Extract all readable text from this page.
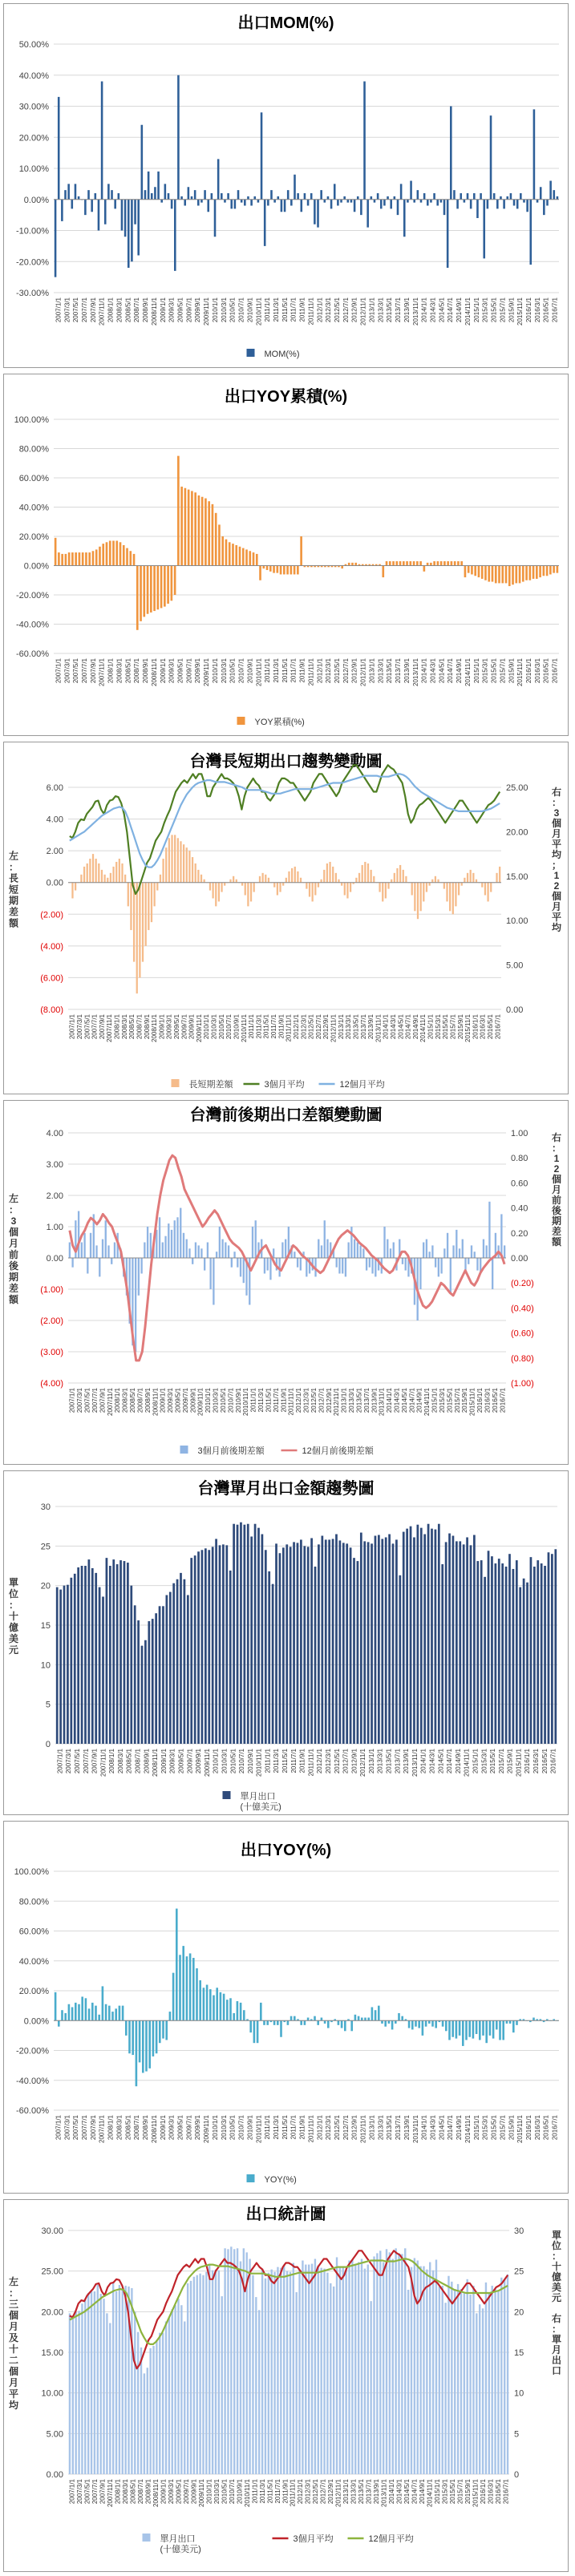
出口MOM(%)
50.00%
40.00%
30.00%
20.00%
10.00%
0.00%
-10.00%
-20.00%
-30.00%
2007/1/1 2007/3/1 2007/5/1 2007/7/1 2007/9/1 2007/11/1 2008/1/1 2008/3/1 2008/5/1 2008/7/1 2008/9/1 2008/11/1 2009/1/1 2009/3/1 2009/5/1 2009/7/1 2009/9/1 2009/11/1 2010/1/1 2010/3/1 2010/5/1 2010/7/1 2010/9/1 2010/11/1 2011/1/1 2011/3/1 2011/5/1 2011/7/1 2011/9/1 2011/11/1 2012/1/1 2012/3/1 2012/5/1 2012/7/1 2012/9/1 2012/11/1 2013/1/1 2013/3/1 2013/5/1 2013/7/1 2013/9/1 2013/11/1 2014/1/1 2014/3/1 2014/5/1 2014/7/1 2014/9/1 2014/11/1 2015/1/1 2015/3/1 2015/5/1 2015/7/1 2015/9/1 2015/11/1 2016/1/1 2016/3/1 2016/5/1 2016/7/1
MOM(%)
出口YOY累積(%)
100.00%
80.00%
60.00%
40.00%
20.00%
0.00%
-20.00%
-40.00%
-60.00%
2007/1/1 2007/3/1 2007/5/1 2007/7/1 2007/9/1 2007/11/1 2008/1/1 2008/3/1 2008/5/1 2008/7/1 2008/9/1 2008/11/1 2009/1/1 2009/3/1 2009/5/1 2009/7/1 2009/9/1 2009/11/1 2010/1/1 2010/3/1 2010/5/1 2010/7/1 2010/9/1 2010/11/1 2011/1/1 2011/3/1 2011/5/1 2011/7/1 2011/9/1 2011/11/1 2012/1/1 2012/3/1 2012/5/1 2012/7/1 2012/9/1 2012/11/1 2013/1/1 2013/3/1 2013/5/1 2013/7/1 2013/9/1 2013/11/1 2014/1/1 2014/3/1 2014/5/1 2014/7/1 2014/9/1 2014/11/1 2015/1/1 2015/3/1 2015/5/1 2015/7/1 2015/9/1 2015/11/1 2016/1/1 2016/3/1 2016/5/1 2016/7/1
YOY累積(%)
台灣長短期出口趨勢變動圖
6.00
4.00
2.00
0.00
(2.00)
(4.00)
(6.00)
(8.00)
25.00
20.00
15.00
10.00
5.00
0.00
左
：
長
短
期
差
額
右
：
3
個
月
平
均
；
1
2
個
月
平
均
2007/1/1 2007/3/1 2007/5/1 2007/7/1 2007/9/1 2007/11/1 2008/1/1 2008/3/1 2008/5/1 2008/7/1 2008/9/1 2008/11/1 2009/1/1 2009/3/1 2009/5/1 2009/7/1 2009/9/1 2009/11/1 2010/1/1 2010/3/1 2010/5/1 2010/7/1 2010/9/1 2010/11/1 2011/1/1 2011/3/1 2011/5/1 2011/7/1 2011/9/1 2011/11/1 2012/1/1 2012/3/1 2012/5/1 2012/7/1 2012/9/1 2012/11/1 2013/1/1 2013/3/1 2013/5/1 2013/7/1 2013/9/1 2013/11/1 2014/1/1 2014/3/1 2014/5/1 2014/7/1 2014/9/1 2014/11/1 2015/1/1 2015/3/1 2015/5/1 2015/7/1 2015/9/1 2015/11/1 2016/1/1 2016/3/1 2016/5/1 2016/7/1
長短期差額	3個月平均	12個月平均
台灣前後期出口差額變動圖
4.00
3.00
2.00
1.00
0.00
(1.00)
(2.00)
(3.00)
(4.00)
1.00
0.80
0.60
0.40
0.20
0.00
(0.20)
(0.40)
(0.60)
(0.80)
(1.00)
左
：
3
個
月
前
後
期
差
額
右
：
1
2
個
月
前
後
期
差
額
2007/1/1 2007/3/1 2007/5/1 2007/7/1 2007/9/1 2007/11/1 2008/1/1 2008/3/1 2008/5/1 2008/7/1 2008/9/1 2008/11/1 2009/1/1 2009/3/1 2009/5/1 2009/7/1 2009/9/1 2009/11/1 2010/1/1 2010/3/1 2010/5/1 2010/7/1 2010/9/1 2010/11/1 2011/1/1 2011/3/1 2011/5/1 2011/7/1 2011/9/1 2011/11/1 2012/1/1 2012/3/1 2012/5/1 2012/7/1 2012/9/1 2012/11/1 2013/1/1 2013/3/1 2013/5/1 2013/7/1 2013/9/1 2013/11/1 2014/1/1 2014/3/1 2014/5/1 2014/7/1 2014/9/1 2014/11/1 2015/1/1 2015/3/1 2015/5/1 2015/7/1 2015/9/1 2015/11/1 2016/1/1 2016/3/1 2016/5/1 2016/7/1
3個月前後期差額	12個月前後期差額
台灣單月出口金額趨勢圖
30
25
20
15
10
5
0
單
位
：
十
億
美
元
2007/1/1 2007/3/1 2007/5/1 2007/7/1 2007/9/1 2007/11/1 2008/1/1 2008/3/1 2008/5/1 2008/7/1 2008/9/1 2008/11/1 2009/1/1 2009/3/1 2009/5/1 2009/7/1 2009/9/1 2009/11/1 2010/1/1 2010/3/1 2010/5/1 2010/7/1 2010/9/1 2010/11/1 2011/1/1 2011/3/1 2011/5/1 2011/7/1 2011/9/1 2011/11/1 2012/1/1 2012/3/1 2012/5/1 2012/7/1 2012/9/1 2012/11/1 2013/1/1 2013/3/1 2013/5/1 2013/7/1 2013/9/1 2013/11/1 2014/1/1 2014/3/1 2014/5/1 2014/7/1 2014/9/1 2014/11/1 2015/1/1 2015/3/1 2015/5/1 2015/7/1 2015/9/1 2015/11/1 2016/1/1 2016/3/1 2016/5/1 2016/7/1
單月出口
(十億美元)
出口YOY(%)
100.00%
80.00%
60.00%
40.00%
20.00%
0.00%
-20.00%
-40.00%
-60.00%
2007/1/1 2007/3/1 2007/5/1 2007/7/1 2007/9/1 2007/11/1 2008/1/1 2008/3/1 2008/5/1 2008/7/1 2008/9/1 2008/11/1 2009/1/1 2009/3/1 2009/5/1 2009/7/1 2009/9/1 2009/11/1 2010/1/1 2010/3/1 2010/5/1 2010/7/1 2010/9/1 2010/11/1 2011/1/1 2011/3/1 2011/5/1 2011/7/1 2011/9/1 2011/11/1 2012/1/1 2012/3/1 2012/5/1 2012/7/1 2012/9/1 2012/11/1 2013/1/1 2013/3/1 2013/5/1 2013/7/1 2013/9/1 2013/11/1 2014/1/1 2014/3/1 2014/5/1 2014/7/1 2014/9/1 2014/11/1 2015/1/1 2015/3/1 2015/5/1 2015/7/1 2015/9/1 2015/11/1 2016/1/1 2016/3/1 2016/5/1 2016/7/1
YOY(%)
出口統計圖
30.00
25.00
20.00
15.00
10.00
5.00
0.00
30
25
20
15
10
5
0
左
：
三
個
月
及
十
二
個
月
平
均
單
位
：
十
億
美
元
右
：
單
月
出
口
2007/1/1 2007/3/1 2007/5/1 2007/7/1 2007/9/1 2007/11/1 2008/1/1 2008/3/1 2008/5/1 2008/7/1 2008/9/1 2008/11/1 2009/1/1 2009/3/1 2009/5/1 2009/7/1 2009/9/1 2009/11/1 2010/1/1 2010/3/1 2010/5/1 2010/7/1 2010/9/1 2010/11/1 2011/1/1 2011/3/1 2011/5/1 2011/7/1 2011/9/1 2011/11/1 2012/1/1 2012/3/1 2012/5/1 2012/7/1 2012/9/1 2012/11/1 2013/1/1 2013/3/1 2013/5/1 2013/7/1 2013/9/1 2013/11/1 2014/1/1 2014/3/1 2014/5/1 2014/7/1 2014/9/1 2014/11/1 2015/1/1 2015/3/1 2015/5/1 2015/7/1 2015/9/1 2015/11/1 2016/1/1 2016/3/1 2016/5/1 2016/7/1
單月出口
(十億美元)
3個月平均	12個月平均
